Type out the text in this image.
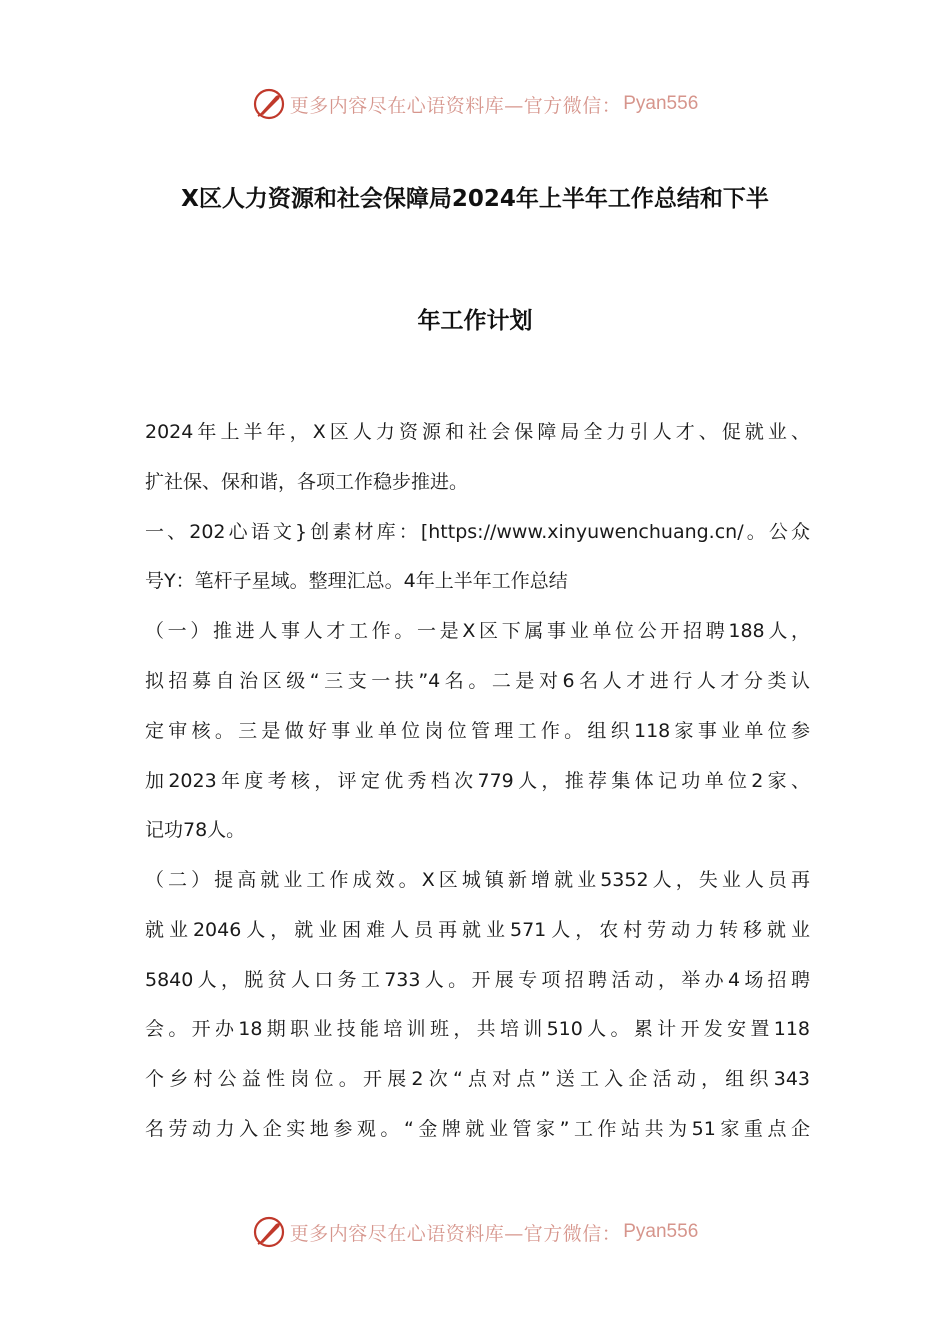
更多内容尽在心语资料库—官方微信： Pyan556
X区人力资源和社会保障局2024年上半年工作总结和下半
年工作计划
2024年上半年，X区人力资源和社会保障局全力引人才、促就业、
扩社保、保和谐，各项工作稳步推进。
一、202心语文}创素材库：[https://www.xinyuwenchuang.cn/。公众
号Y：笔杆子星域。整理汇总。4年上半年工作总结
（一）推进人事人才工作。一是X区下属事业单位公开招聘188人，
拟招募自治区级“三支一扶”4名。二是对6名人才进行人才分类认
定审核。三是做好事业单位岗位管理工作。组织118家事业单位参
加2023年度考核，评定优秀档次779人，推荐集体记功单位2家、
记功78人。
（二）提高就业工作成效。X区城镇新增就业5352人，失业人员再
就业2046人，就业困难人员再就业571人，农村劳动力转移就业
5840人，脱贫人口务工733人。开展专项招聘活动，举办4场招聘
会。开办18期职业技能培训班，共培训510人。累计开发安置118
个乡村公益性岗位。开展2次“点对点”送工入企活动，组织343
名劳动力入企实地参观。“金牌就业管家”工作站共为51家重点企
更多内容尽在心语资料库—官方微信： Pyan556
